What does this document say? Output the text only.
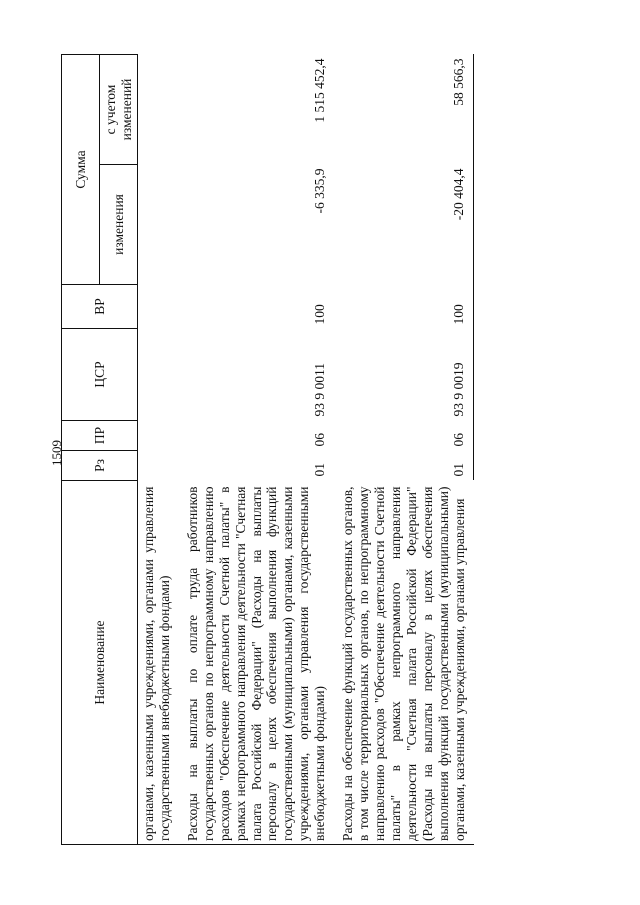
1509
Наименование	Рз	ПР	ЦСР	ВР	Сумма	
					изменения	с учетом изменений
органами, казенными учреждениями, органами управления государственными внебюджетными фондами)						
Расходы на выплаты по оплате труда работников государственных органов по непрограммному направлению расходов "Обеспечение деятельности Счетной палаты" в рамках непрограммного направления деятельности "Счетная палата Российской Федерации" (Расходы на выплаты персоналу в целях обеспечения выполнения функций государственными (муниципальными) органами, казенными учреждениями, органами управления государственными внебюджетными фондами)	01	06	93 9 0011	100	-6 335,9	1 515 452,4
Расходы на обеспечение функций государственных органов, в том числе территориальных органов, по непрограммному направлению расходов "Обеспечение деятельности Счетной палаты" в рамках непрограммного направления деятельности "Счетная палата Российской Федерации" (Расходы на выплаты персоналу в целях обеспечения выполнения функций государственными (муниципальными) органами, казенными учреждениями, органами управления	01	06	93 9 0019	100	-20 404,4	58 566,3
